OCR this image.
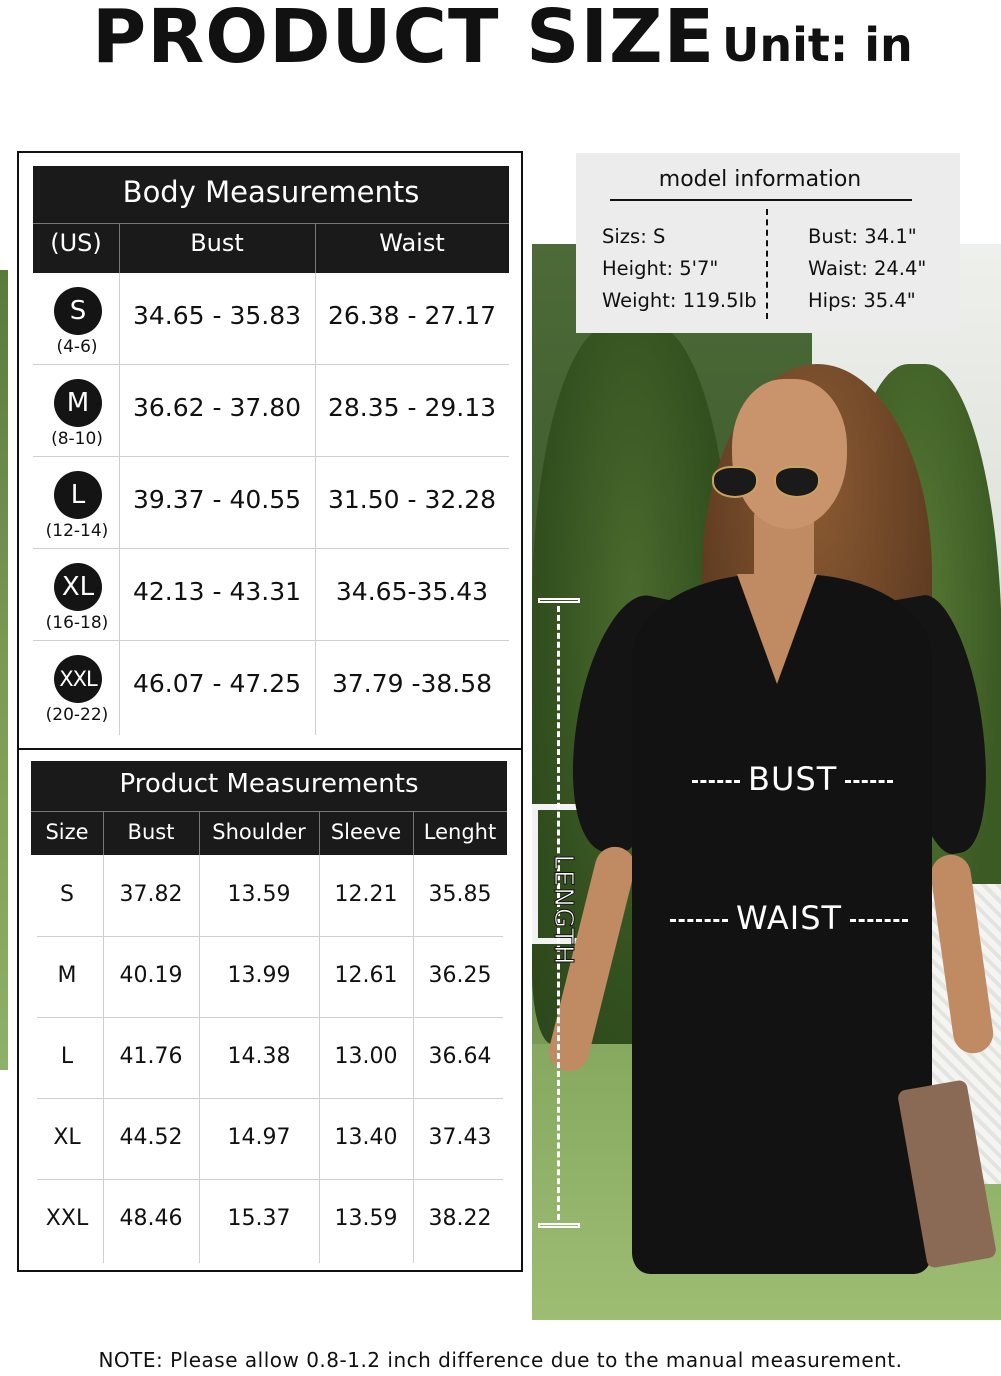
PRODUCT SIZE Unit: in
LENGTH
BUST
WAIST
model information
Sizs: S
Height: 5'7"
Weight: 119.5Ib
Bust: 34.1"
Waist: 24.4"
Hips: 35.4"
Body Measurements
(US)	Bust	Waist
S
(4-6)
34.65 - 35.83	26.38 - 27.17
M
(8-10)
36.62 - 37.80	28.35 - 29.13
L
(12-14)
39.37 - 40.55	31.50 - 32.28
XL
(16-18)
42.13 - 43.31	34.65-35.43
XXL
(20-22)
46.07 - 47.25	37.79 -38.58
Product Measurements
Size	Bust	Shoulder	Sleeve	Lenght
S	37.82	13.59	12.21	35.85
M	40.19	13.99	12.61	36.25
L	41.76	14.38	13.00	36.64
XL	44.52	14.97	13.40	37.43
XXL	48.46	15.37	13.59	38.22
NOTE: Please allow 0.8-1.2 inch difference due to the manual measurement.
